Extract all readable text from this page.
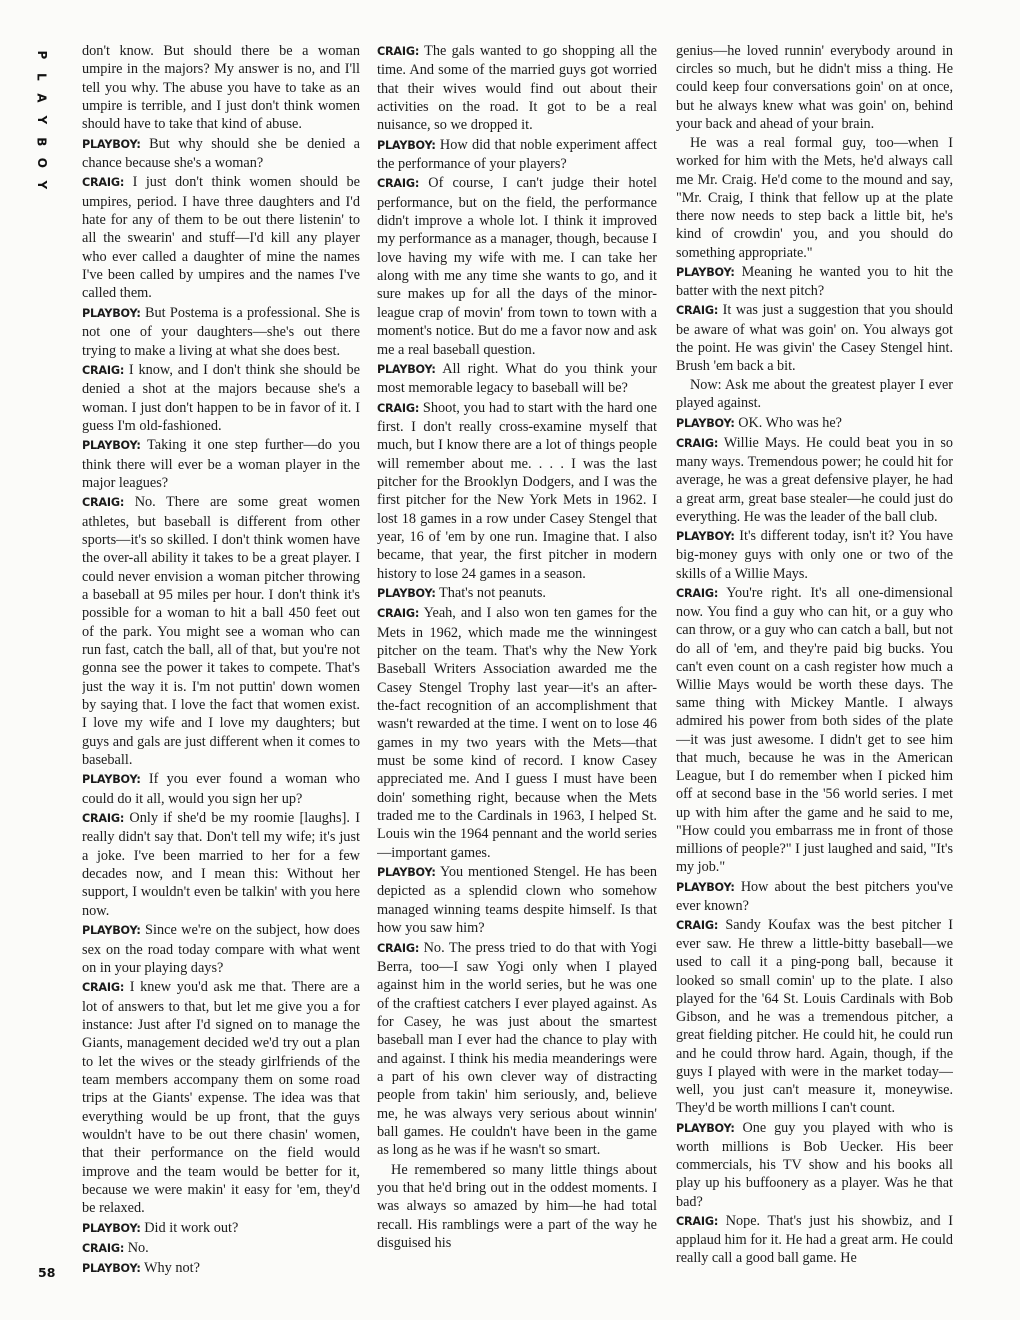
P
L
A
Y
B
O
Y

don't know. But should there be a woman umpire in the majors? My answer is no, and I'll tell you why. The abuse you have to take as an umpire is terrible, and I just don't think women should have to take that kind of abuse.

PLAYBOY: But why should she be denied a chance because she's a woman?

CRAIG: I just don't think women should be umpires, period. I have three daughters and I'd hate for any of them to be out there listenin' to all the swearin' and stuff—I'd kill any player who ever called a daughter of mine the names I've been called by umpires and the names I've called them.

PLAYBOY: But Postema is a professional. She is not one of your daughters—she's out there trying to make a living at what she does best.

CRAIG: I know, and I don't think she should be denied a shot at the majors because she's a woman. I just don't happen to be in favor of it. I guess I'm old-fashioned.

PLAYBOY: Taking it one step further—do you think there will ever be a woman player in the major leagues?

CRAIG: No. There are some great women athletes, but baseball is different from other sports—it's so skilled. I don't think women have the over-all ability it takes to be a great player. I could never envision a woman pitcher throwing a baseball at 95 miles per hour. I don't think it's possible for a woman to hit a ball 450 feet out of the park. You might see a woman who can run fast, catch the ball, all of that, but you're not gonna see the power it takes to compete. That's just the way it is. I'm not puttin' down women by saying that. I love the fact that women exist. I love my wife and I love my daughters; but guys and gals are just different when it comes to baseball.

PLAYBOY: If you ever found a woman who could do it all, would you sign her up?

CRAIG: Only if she'd be my roomie [laughs]. I really didn't say that. Don't tell my wife; it's just a joke. I've been married to her for a few decades now, and I mean this: Without her support, I wouldn't even be talkin' with you here now.

PLAYBOY: Since we're on the subject, how does sex on the road today compare with what went on in your playing days?

CRAIG: I knew you'd ask me that. There are a lot of answers to that, but let me give you a for instance: Just after I'd signed on to manage the Giants, management decided we'd try out a plan to let the wives or the steady girlfriends of the team members accompany them on some road trips at the Giants' expense. The idea was that everything would be up front, that the guys wouldn't have to be out there chasin' women, that their performance on the field would improve and the team would be better for it, because we were makin' it easy for 'em, they'd be relaxed.

PLAYBOY: Did it work out?

CRAIG: No.

PLAYBOY: Why not?

CRAIG: The gals wanted to go shopping all the time. And some of the married guys got worried that their wives would find out about their activities on the road. It got to be a real nuisance, so we dropped it.

PLAYBOY: How did that noble experiment affect the performance of your players?

CRAIG: Of course, I can't judge their hotel performance, but on the field, the performance didn't improve a whole lot. I think it improved my performance as a manager, though, because I love having my wife with me. I can take her along with me any time she wants to go, and it sure makes up for all the days of the minor-league crap of movin' from town to town with a moment's notice. But do me a favor now and ask me a real baseball question.

PLAYBOY: All right. What do you think your most memorable legacy to baseball will be?

CRAIG: Shoot, you had to start with the hard one first. I don't really cross-examine myself that much, but I know there are a lot of things people will remember about me. . . . I was the last pitcher for the Brooklyn Dodgers, and I was the first pitcher for the New York Mets in 1962. I lost 18 games in a row under Casey Stengel that year, 16 of 'em by one run. Imagine that. I also became, that year, the first pitcher in modern history to lose 24 games in a season.

PLAYBOY: That's not peanuts.

CRAIG: Yeah, and I also won ten games for the Mets in 1962, which made me the winningest pitcher on the team. That's why the New York Baseball Writers Association awarded me the Casey Stengel Trophy last year—it's an after-the-fact recognition of an accomplishment that wasn't rewarded at the time. I went on to lose 46 games in my two years with the Mets—that must be some kind of record. I know Casey appreciated me. And I guess I must have been doin' something right, because when the Mets traded me to the Cardinals in 1963, I helped St. Louis win the 1964 pennant and the world series—important games.

PLAYBOY: You mentioned Stengel. He has been depicted as a splendid clown who somehow managed winning teams despite himself. Is that how you saw him?

CRAIG: No. The press tried to do that with Yogi Berra, too—I saw Yogi only when I played against him in the world series, but he was one of the craftiest catchers I ever played against. As for Casey, he was just about the smartest baseball man I ever had the chance to play with and against. I think his media meanderings were a part of his own clever way of distracting people from takin' him seriously, and, believe me, he was always very serious about winnin' ball games. He couldn't have been in the game as long as he was if he wasn't so smart.

He remembered so many little things about you that he'd bring out in the oddest moments. I was always so amazed by him—he had total recall. His ramblings were a part of the way he disguised his

genius—he loved runnin' everybody around in circles so much, but he didn't miss a thing. He could keep four conversations goin' on at once, but he always knew what was goin' on, behind your back and ahead of your brain.

He was a real formal guy, too—when I worked for him with the Mets, he'd always call me Mr. Craig. He'd come to the mound and say, "Mr. Craig, I think that fellow up at the plate there now needs to step back a little bit, he's kind of crowdin' you, and you should do something appropriate."

PLAYBOY: Meaning he wanted you to hit the batter with the next pitch?

CRAIG: It was just a suggestion that you should be aware of what was goin' on. You always got the point. He was givin' the Casey Stengel hint. Brush 'em back a bit.

Now: Ask me about the greatest player I ever played against.

PLAYBOY: OK. Who was he?

CRAIG: Willie Mays. He could beat you in so many ways. Tremendous power; he could hit for average, he was a great defensive player, he had a great arm, great base stealer—he could just do everything. He was the leader of the ball club.

PLAYBOY: It's different today, isn't it? You have big-money guys with only one or two of the skills of a Willie Mays.

CRAIG: You're right. It's all one-dimensional now. You find a guy who can hit, or a guy who can throw, or a guy who can catch a ball, but not do all of 'em, and they're paid big bucks. You can't even count on a cash register how much a Willie Mays would be worth these days. The same thing with Mickey Mantle. I always admired his power from both sides of the plate—it was just awesome. I didn't get to see him that much, because he was in the American League, but I do remember when I picked him off at second base in the '56 world series. I met up with him after the game and he said to me, "How could you embarrass me in front of those millions of people?" I just laughed and said, "It's my job."

PLAYBOY: How about the best pitchers you've ever known?

CRAIG: Sandy Koufax was the best pitcher I ever saw. He threw a little-bitty baseball—we used to call it a ping-pong ball, because it looked so small comin' up to the plate. I also played for the '64 St. Louis Cardinals with Bob Gibson, and he was a tremendous pitcher, a great fielding pitcher. He could hit, he could run and he could throw hard. Again, though, if the guys I played with were in the market today—well, you just can't measure it, moneywise. They'd be worth millions I can't count.

PLAYBOY: One guy you played with who is worth millions is Bob Uecker. His beer commercials, his TV show and his books all play up his buffoonery as a player. Was he that bad?

CRAIG: Nope. That's just his showbiz, and I applaud him for it. He had a great arm. He could really call a good ball game. He

58
